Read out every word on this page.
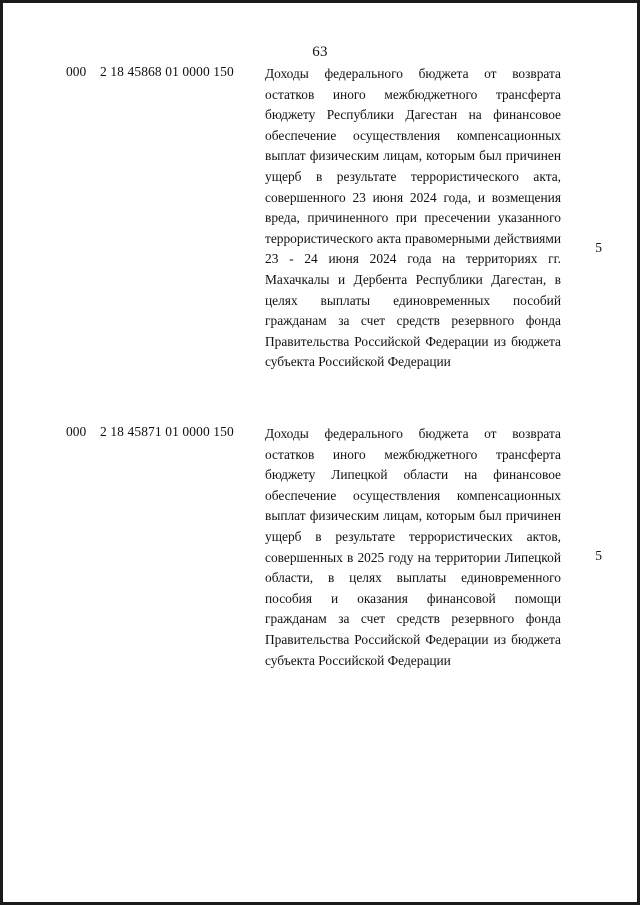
63
000 2 18 45868 01 0000 150 Доходы федерального бюджета от возврата остатков иного межбюджетного трансферта бюджету Республики Дагестан на финансовое обеспечение осуществления компенсационных выплат физическим лицам, которым был причинен ущерб в результате террористического акта, совершенного 23 июня 2024 года, и возмещения вреда, причиненного при пресечении указанного террористического акта правомерными действиями 23 - 24 июня 2024 года на территориях гг. Махачкалы и Дербента Республики Дагестан, в целях выплаты единовременных пособий гражданам за счет средств резервного фонда Правительства Российской Федерации из бюджета субъекта Российской Федерации
5
000 2 18 45871 01 0000 150 Доходы федерального бюджета от возврата остатков иного межбюджетного трансферта бюджету Липецкой области на финансовое обеспечение осуществления компенсационных выплат физическим лицам, которым был причинен ущерб в результате террористических актов, совершенных в 2025 году на территории Липецкой области, в целях выплаты единовременного пособия и оказания финансовой помощи гражданам за счет средств резервного фонда Правительства Российской Федерации из бюджета субъекта Российской Федерации
5
